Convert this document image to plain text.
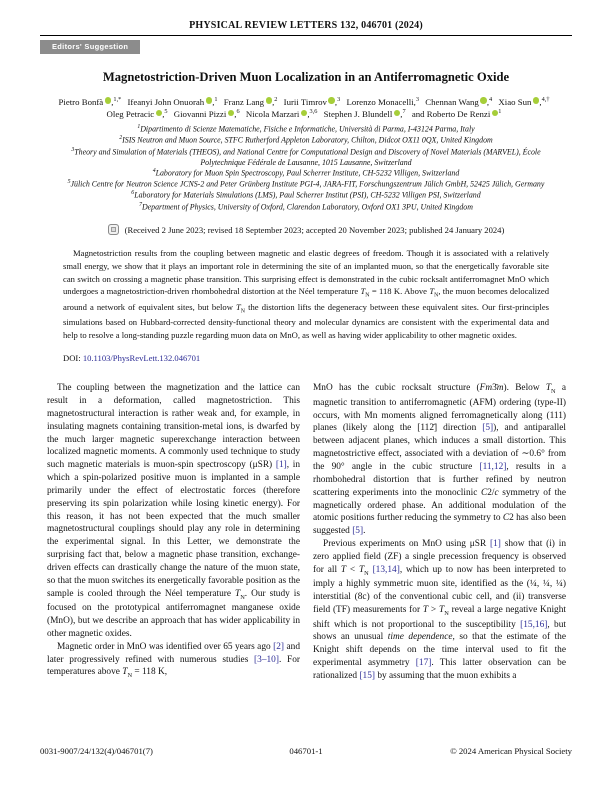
PHYSICAL REVIEW LETTERS 132, 046701 (2024)
Editors' Suggestion
Magnetostriction-Driven Muon Localization in an Antiferromagnetic Oxide
Pietro Bonfà ,$^{1,*}$ Ifeanyi John Onuorah ,$^1$ Franz Lang ,$^2$ Iurii Timrov ,$^3$ Lorenzo Monacelli,$^3$ Chennan Wang ,$^4$ Xiao Sun ,$^{4,\dagger}$ Oleg Petracic ,$^5$ Giovanni Pizzi ,$^6$ Nicola Marzari ,$^{3,6}$ Stephen J. Blundell ,$^7$ and Roberto De Renzi $^1$
$^1$Dipartimento di Scienze Matematiche, Fisiche e Informatiche, Università di Parma, I-43124 Parma, Italy
$^2$ISIS Neutron and Muon Source, STFC Rutherford Appleton Laboratory, Chilton, Didcot OX11 0QX, United Kingdom
$^3$Theory and Simulation of Materials (THEOS), and National Centre for Computational Design and Discovery of Novel Materials (MARVEL), École Polytechnique Fédérale de Lausanne, 1015 Lausanne, Switzerland
$^4$Laboratory for Muon Spin Spectroscopy, Paul Scherrer Institute, CH-5232 Villigen, Switzerland
$^5$Jülich Centre for Neutron Science JCNS-2 and Peter Grünberg Institute PGI-4, JARA-FIT, Forschungszentrum Jülich GmbH, 52425 Jülich, Germany
$^6$Laboratory for Materials Simulations (LMS), Paul Scherrer Institut (PSI), CH-5232 Villigen PSI, Switzerland
$^7$Department of Physics, University of Oxford, Clarendon Laboratory, Oxford OX1 3PU, United Kingdom
(Received 2 June 2023; revised 18 September 2023; accepted 20 November 2023; published 24 January 2024)

Magnetostriction results from the coupling between magnetic and elastic degrees of freedom. Though it is associated with a relatively small energy, we show that it plays an important role in determining the site of an implanted muon, so that the energetically favorable site can switch on crossing a magnetic phase transition. This surprising effect is demonstrated in the cubic rocksalt antiferromagnet MnO which undergoes a magnetostriction-driven rhombohedral distortion at the Néel temperature $T_N = 118$ K. Above $T_N$, the muon becomes delocalized around a network of equivalent sites, but below $T_N$ the distortion lifts the degeneracy between these equivalent sites. Our first-principles simulations based on Hubbard-corrected density-functional theory and molecular dynamics are consistent with the experimental data and help to resolve a long-standing puzzle regarding muon data on MnO, as well as having wider applicability to other magnetic oxides.

DOI: 10.1103/PhysRevLett.132.046701

The coupling between the magnetization and the lattice can result in a deformation, called magnetostriction. This magnetostructural interaction is rather weak and, for example, in insulating magnets containing transition-metal ions, is dwarfed by the much larger magnetic superexchange interaction between localized magnetic moments. A commonly used technique to study such magnetic materials is muon-spin spectroscopy (μSR) [1], in which a spin-polarized positive muon is implanted in a sample primarily under the effect of electrostatic forces (therefore preserving its spin polarization while losing kinetic energy). For this reason, it has not been expected that the much smaller magnetostructural couplings should play any role in determining the experimental signal. In this Letter, we demonstrate the surprising fact that, below a magnetic phase transition, exchange-driven effects can drastically change the nature of the muon state, so that the muon switches its energetically favorable position as the sample is cooled through the Néel temperature $T_N$. Our study is focused on the prototypical antiferromagnet manganese oxide (MnO), but we describe an approach that has wider applicability in other magnetic oxides.

Magnetic order in MnO was identified over 65 years ago [2] and later progressively refined with numerous studies [3–10]. For temperatures above $T_N = 118$ K,

MnO has the cubic rocksalt structure (Fm3̄m). Below $T_N$ a magnetic transition to antiferromagnetic (AFM) ordering (type-II) occurs, with Mn moments aligned ferromagnetically along (111) planes (likely along the [112̄] direction [5]), and antiparallel between adjacent planes, which induces a small distortion. This magnetostrictive effect, associated with a deviation of ∼0.6° from the 90° angle in the cubic structure [11,12], results in a rhombohedral distortion that is further refined by neutron scattering experiments into the monoclinic C2/c symmetry of the magnetically ordered phase. An additional modulation of the atomic positions further reducing the symmetry to C2 has also been suggested [5].

Previous experiments on MnO using μSR [1] show that (i) in zero applied field (ZF) a single precession frequency is observed for all $T < T_N$ [13,14], which up to now has been interpreted to imply a highly symmetric muon site, identified as the (¼, ¼, ¼) interstitial (8c) of the conventional cubic cell, and (ii) transverse field (TF) measurements for $T > T_N$ reveal a large negative Knight shift which is not proportional to the susceptibility [15,16], but shows an unusual time dependence, so that the estimate of the Knight shift depends on the time interval used to fit the experimental asymmetry [17]. This latter observation can be rationalized [15] by assuming that the muon exhibits a

046701-1
0031-9007/24/132(4)/046701(7)	© 2024 American Physical Society
